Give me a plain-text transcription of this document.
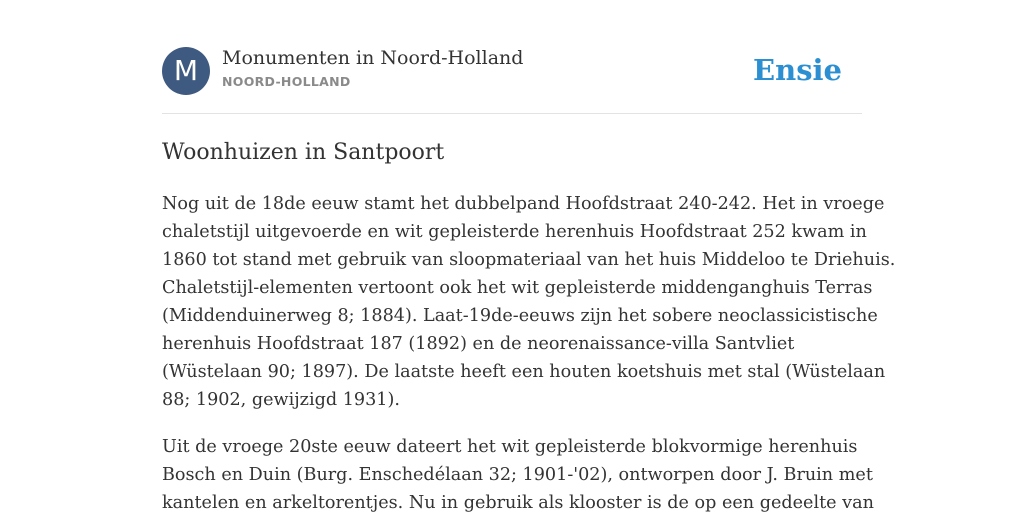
M	Monumenten in Noord-Holland
NOORD-HOLLAND	Ensie
Woonhuizen in Santpoort

Nog uit de 18de eeuw stamt het dubbelpand Hoofdstraat 240-242. Het in vroege
chaletstijl uitgevoerde en wit gepleisterde herenhuis Hoofdstraat 252 kwam in
1860 tot stand met gebruik van sloopmateriaal van het huis Middeloo te Driehuis.
Chaletstijl-elementen vertoont ook het wit gepleisterde middenganghuis Terras
(Middenduinerweg 8; 1884). Laat-19de-eeuws zijn het sobere neoclassicistische
herenhuis Hoofdstraat 187 (1892) en de neorenaissance-villa Santvliet
(Wüstelaan 90; 1897). De laatste heeft een houten koetshuis met stal (Wüstelaan
88; 1902, gewijzigd 1931).

Uit de vroege 20ste eeuw dateert het wit gepleisterde blokvormige herenhuis
Bosch en Duin (Burg. Enschedélaan 32; 1901-'02), ontworpen door J. Bruin met
kantelen en arkeltorentjes. Nu in gebruik als klooster is de op een gedeelte van
